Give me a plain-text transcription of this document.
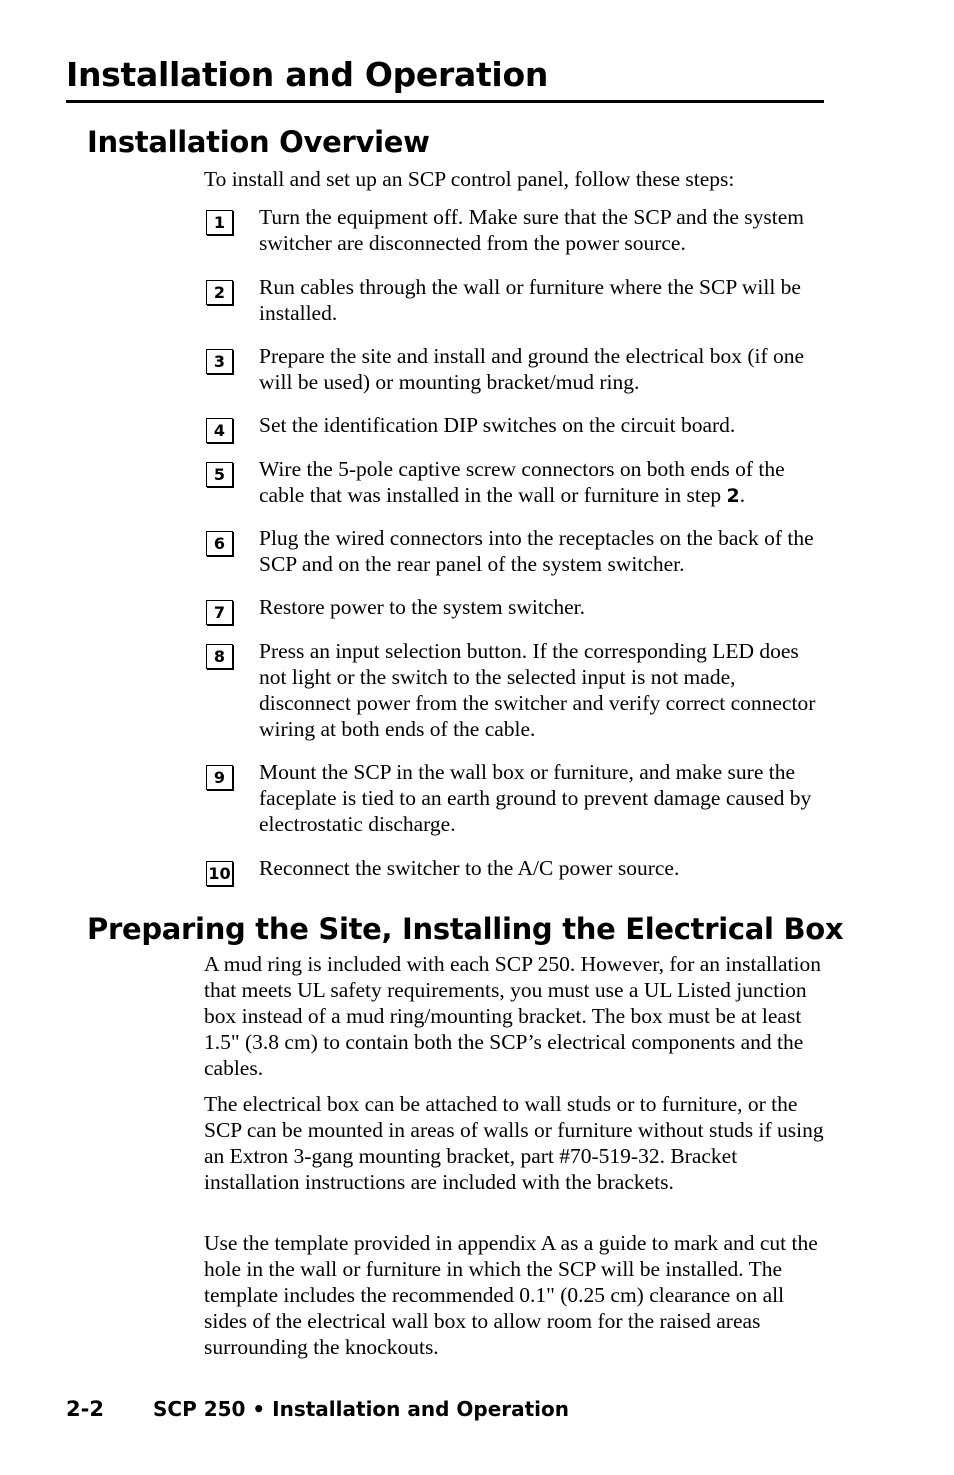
Installation and Operation
Installation Overview

To install and set up an SCP control panel, follow these steps:

1	Turn the equipment off. Make sure that the SCP and the system switcher are disconnected from the power source.

2	Run cables through the wall or furniture where the SCP will be installed.

3	Prepare the site and install and ground the electrical box (if one will be used) or mounting bracket/mud ring.

4	Set the identification DIP switches on the circuit board.

5	Wire the 5-pole captive screw connectors on both ends of the cable that was installed in the wall or furniture in step 2.

6	Plug the wired connectors into the receptacles on the back of the SCP and on the rear panel of the system switcher.

7	Restore power to the system switcher.

8	Press an input selection button. If the corresponding LED does not light or the switch to the selected input is not made, disconnect power from the switcher and verify correct connector wiring at both ends of the cable.

9	Mount the SCP in the wall box or furniture, and make sure the faceplate is tied to an earth ground to prevent damage caused by electrostatic discharge.

10 Reconnect the switcher to the A/C power source.

Preparing the Site, Installing the Electrical Box

A mud ring is included with each SCP 250. However, for an installation that meets UL safety requirements, you must use a UL Listed junction box instead of a mud ring/mounting bracket. The box must be at least 1.5" (3.8 cm) to contain both the SCP’s electrical components and the cables.

The electrical box can be attached to wall studs or to furniture, or the SCP can be mounted in areas of walls or furniture without studs if using an Extron 3-gang mounting bracket, part #70-519-32. Bracket installation instructions are included with the brackets.

Use the template provided in appendix A as a guide to mark and cut the hole in the wall or furniture in which the SCP will be installed. The template includes the recommended 0.1" (0.25 cm) clearance on all sides of the electrical wall box to allow room for the raised areas surrounding the knockouts.

2-2 SCP 250 • Installation and Operation
